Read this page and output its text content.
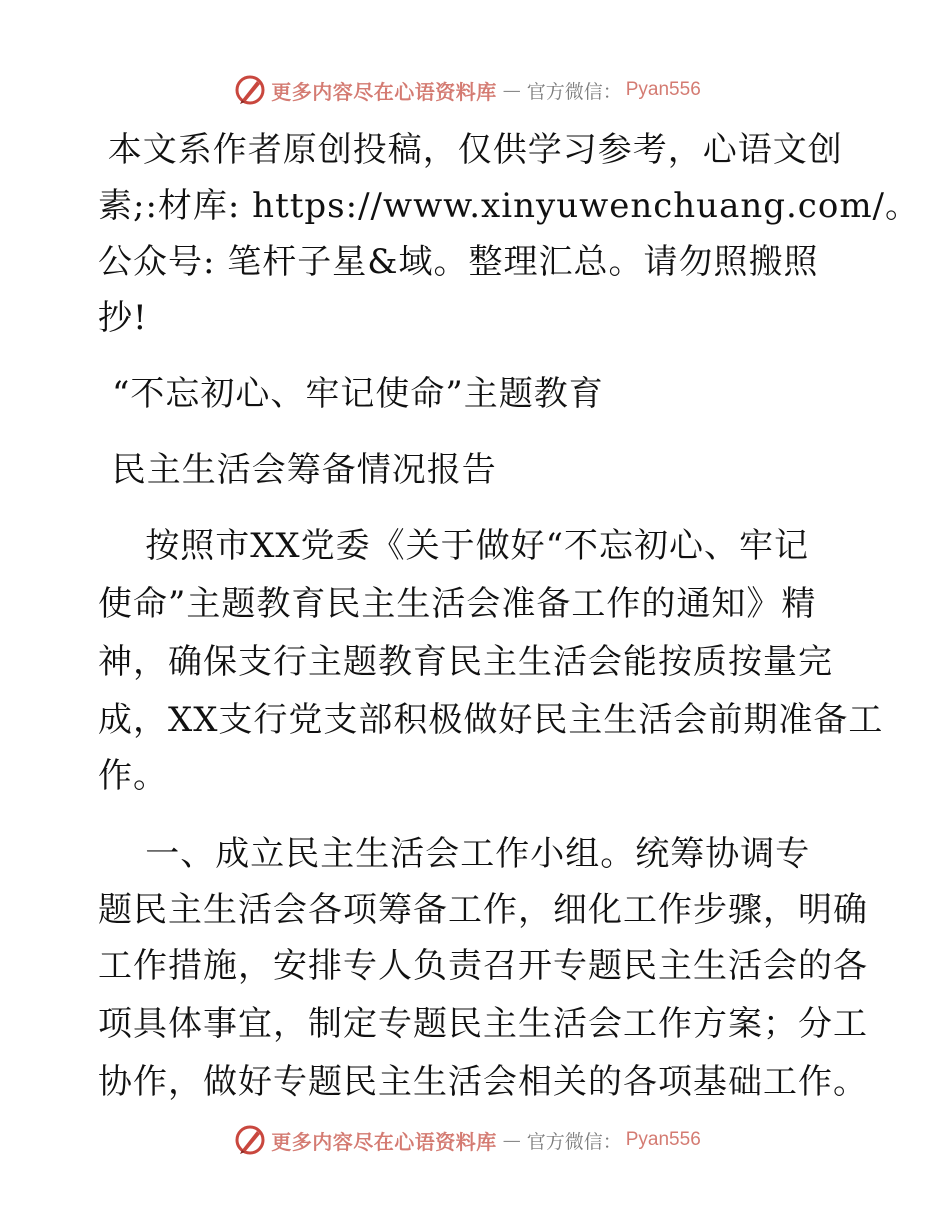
更多内容尽在心语资料库 — 官方微信： Pyan556
本文系作者原创投稿，仅供学习参考，心语文创
素;:材库: https://www.xinyuwenchuang.com/。
公众号: 笔杆子星&域。整理汇总。请勿照搬照
抄!
“不忘初心、牢记使命”主题教育
民主生活会筹备情况报告
按照市XX党委《关于做好“不忘初心、牢记
使命”主题教育民主生活会准备工作的通知》精
神，确保支行主题教育民主生活会能按质按量完
成，XX支行党支部积极做好民主生活会前期准备工
作。
一、成立民主生活会工作小组。统筹协调专
题民主生活会各项筹备工作，细化工作步骤，明确
工作措施，安排专人负责召开专题民主生活会的各
项具体事宜，制定专题民主生活会工作方案；分工
协作，做好专题民主生活会相关的各项基础工作。
更多内容尽在心语资料库 — 官方微信： Pyan556
